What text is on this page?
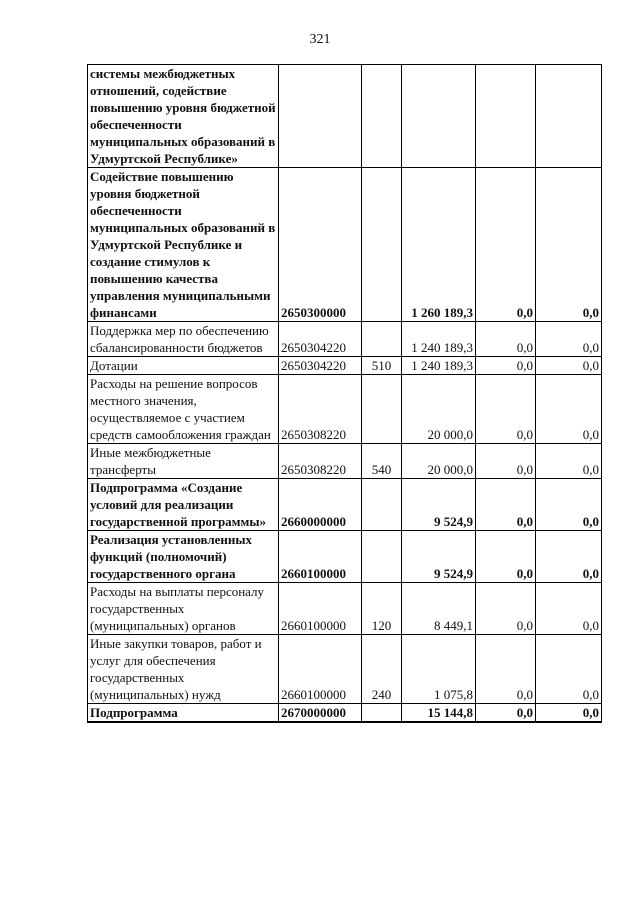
321
системы межбюджетных отношений, содействие повышению уровня бюджетной обеспеченности муниципальных образований в Удмуртской Республике»					
Содействие повышению уровня бюджетной обеспеченности муниципальных образований в Удмуртской Республике и создание стимулов к повышению качества управления муниципальными финансами	2650300000		1 260 189,3	0,0	0,0
Поддержка мер по обеспечению сбалансированности бюджетов	2650304220		1 240 189,3	0,0	0,0
Дотации	2650304220	510	1 240 189,3	0,0	0,0
Расходы на решение вопросов местного значения, осуществляемое с участием средств самообложения граждан	2650308220		20 000,0	0,0	0,0
Иные межбюджетные трансферты	2650308220	540	20 000,0	0,0	0,0
Подпрограмма «Создание условий для реализации государственной программы»	2660000000		9 524,9	0,0	0,0
Реализация установленных функций (полномочий) государственного органа	2660100000		9 524,9	0,0	0,0
Расходы на выплаты персоналу государственных (муниципальных) органов	2660100000	120	8 449,1	0,0	0,0
Иные закупки товаров, работ и услуг для обеспечения государственных (муниципальных) нужд	2660100000	240	1 075,8	0,0	0,0
Подпрограмма	2670000000		15 144,8	0,0	0,0
